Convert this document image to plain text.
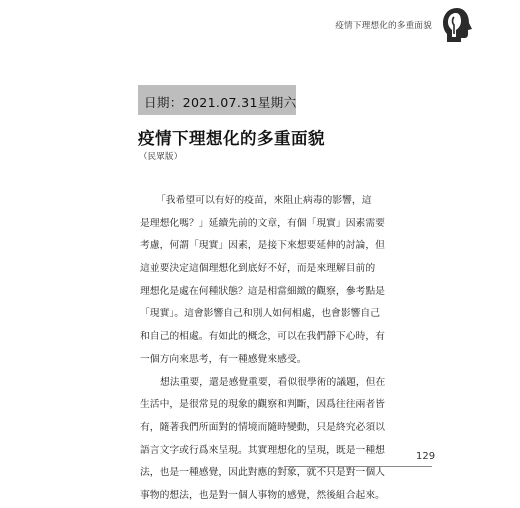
疫情下理想化的多重面貌
日期：2021.07.31星期六
疫情下理想化的多重面貌
（民眾版）
「我希望可以有好的疫苗，來阻止病毒的影響，這
是理想化嗎？」延續先前的文章，有個「現實」因素需要
考慮，何謂「現實」因素，是接下來想要延伸的討論，但
這並要決定這個理想化到底好不好，而是來理解目前的
理想化是處在何種狀態？這是相當細緻的觀察，參考點是
「現實」。這會影響自己和別人如何相處，也會影響自己
和自己的相處。有如此的概念，可以在我們靜下心時，有
一個方向來思考，有一種感覺來感受。
想法重要，還是感覺重要，看似很學術的議題，但在
生活中，是很常見的現象的觀察和判斷，因爲往往兩者皆
有，隨著我們所面對的情境而隨時變動，只是終究必須以
語言文字或行爲來呈現。其實理想化的呈現，既是一種想
法，也是一種感覺，因此對應的對象，就不只是對一個人
事物的想法，也是對一個人事物的感覺，然後組合起來。
129
